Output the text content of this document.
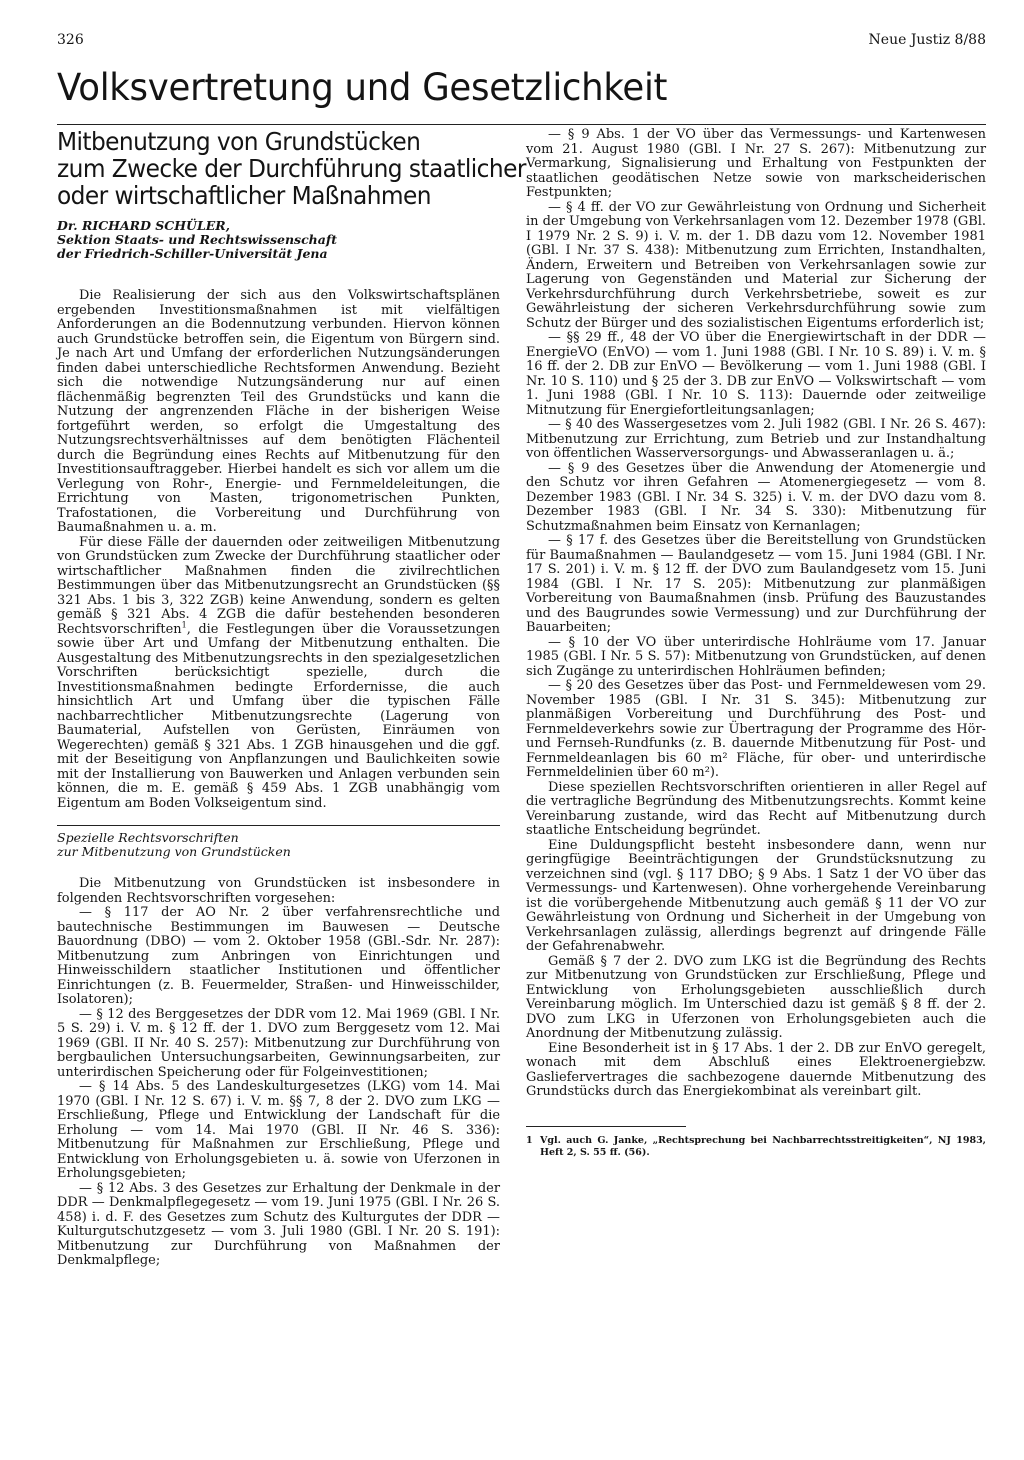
326	Neue Justiz 8/88
Volksvertretung und Gesetzlichkeit
Mitbenutzung von Grundstücken
zum Zwecke der Durchführung staatlicher
oder wirtschaftlicher Maßnahmen
Dr. RICHARD SCHÜLER,
Sektion Staats- und Rechtswissenschaft
der Friedrich-Schiller-Universität Jena

Die Realisierung der sich aus den Volkswirtschaftsplänen ergebenden Investitionsmaßnahmen ist mit vielfältigen Anforderungen an die Bodennutzung verbunden. Hiervon können auch Grundstücke betroffen sein, die Eigentum von Bürgern sind. Je nach Art und Umfang der erforderlichen Nutzungsänderungen finden dabei unterschiedliche Rechtsformen Anwendung. Bezieht sich die notwendige Nutzungsänderung nur auf einen flächenmäßig begrenzten Teil des Grundstücks und kann die Nutzung der angrenzenden Fläche in der bisherigen Weise fortgeführt werden, so erfolgt die Umgestaltung des Nutzungsrechtsverhältnisses auf dem benötigten Flächenteil durch die Begründung eines Rechts auf Mitbenutzung für den Investitionsauftraggeber. Hierbei handelt es sich vor allem um die Verlegung von Rohr-, Energie- und Fernmeldeleitungen, die Errichtung von Masten, trigonometrischen Punkten, Trafostationen, die Vorbereitung und Durchführung von Baumaßnahmen u. a. m.

Für diese Fälle der dauernden oder zeitweiligen Mitbenutzung von Grundstücken zum Zwecke der Durchführung staatlicher oder wirtschaftlicher Maßnahmen finden die zivilrechtlichen Bestimmungen über das Mitbenutzungsrecht an Grundstücken (§§ 321 Abs. 1 bis 3, 322 ZGB) keine Anwendung, sondern es gelten gemäß § 321 Abs. 4 ZGB die dafür bestehenden besonderen Rechtsvorschriften$^1$, die Festlegungen über die Voraussetzungen sowie über Art und Umfang der Mitbenutzung enthalten. Die Ausgestaltung des Mitbenutzungsrechts in den spezialgesetzlichen Vorschriften berücksichtigt spezielle, durch die Investitionsmaßnahmen bedingte Erfordernisse, die auch hinsichtlich Art und Umfang über die typischen Fälle nachbarrechtlicher Mitbenutzungsrechte (Lagerung von Baumaterial, Aufstellen von Gerüsten, Einräumen von Wegerechten) gemäß § 321 Abs. 1 ZGB hinausgehen und die ggf. mit der Beseitigung von Anpflanzungen und Baulichkeiten sowie mit der Installierung von Bauwerken und Anlagen verbunden sein können, die m. E. gemäß § 459 Abs. 1 ZGB unabhängig vom Eigentum am Boden Volkseigentum sind.

Spezielle Rechtsvorschriften
zur Mitbenutzung von Grundstücken

Die Mitbenutzung von Grundstücken ist insbesondere in folgenden Rechtsvorschriften vorgesehen:

— § 117 der AO Nr. 2 über verfahrensrechtliche und bautechnische Bestimmungen im Bauwesen — Deutsche Bauordnung (DBO) — vom 2. Oktober 1958 (GBl.-Sdr. Nr. 287): Mitbenutzung zum Anbringen von Einrichtungen und Hinweisschildern staatlicher Institutionen und öffentlicher Einrichtungen (z. B. Feuermelder, Straßen- und Hinweisschilder, Isolatoren);

— § 12 des Berggesetzes der DDR vom 12. Mai 1969 (GBl. I Nr. 5 S. 29) i. V. m. § 12 ff. der 1. DVO zum Berggesetz vom 12. Mai 1969 (GBl. II Nr. 40 S. 257): Mitbenutzung zur Durchführung von bergbaulichen Untersuchungsarbeiten, Gewinnungsarbeiten, zur unterirdischen Speicherung oder für Folgeinvestitionen;

— § 14 Abs. 5 des Landeskulturgesetzes (LKG) vom 14. Mai 1970 (GBl. I Nr. 12 S. 67) i. V. m. §§ 7, 8 der 2. DVO zum LKG — Erschließung, Pflege und Entwicklung der Landschaft für die Erholung — vom 14. Mai 1970 (GBl. II Nr. 46 S. 336): Mitbenutzung für Maßnahmen zur Erschließung, Pflege und Entwicklung von Erholungsgebieten u. ä. sowie von Uferzonen in Erholungsgebieten;

— § 12 Abs. 3 des Gesetzes zur Erhaltung der Denkmale in der DDR — Denkmalpflegegesetz — vom 19. Juni 1975 (GBl. I Nr. 26 S. 458) i. d. F. des Gesetzes zum Schutz des Kulturgutes der DDR — Kulturgutschutzgesetz — vom 3. Juli 1980 (GBl. I Nr. 20 S. 191): Mitbenutzung zur Durchführung von Maßnahmen der Denkmalpflege;

— § 9 Abs. 1 der VO über das Vermessungs- und Kartenwesen vom 21. August 1980 (GBl. I Nr. 27 S. 267): Mitbenutzung zur Vermarkung, Signalisierung und Erhaltung von Festpunkten der staatlichen geodätischen Netze sowie von markscheiderischen Festpunkten;

— § 4 ff. der VO zur Gewährleistung von Ordnung und Sicherheit in der Umgebung von Verkehrsanlagen vom 12. Dezember 1978 (GBl. I 1979 Nr. 2 S. 9) i. V. m. der 1. DB dazu vom 12. November 1981 (GBl. I Nr. 37 S. 438): Mitbenutzung zum Errichten, Instandhalten, Ändern, Erweitern und Betreiben von Verkehrsanlagen sowie zur Lagerung von Gegenständen und Material zur Sicherung der Verkehrsdurchführung durch Verkehrsbetriebe, soweit es zur Gewährleistung der sicheren Verkehrsdurchführung sowie zum Schutz der Bürger und des sozialistischen Eigentums erforderlich ist;

— §§ 29 ff., 48 der VO über die Energiewirtschaft in der DDR — EnergieVO (EnVO) — vom 1. Juni 1988 (GBl. I Nr. 10 S. 89) i. V. m. § 16 ff. der 2. DB zur EnVO — Bevölkerung — vom 1. Juni 1988 (GBl. I Nr. 10 S. 110) und § 25 der 3. DB zur EnVO — Volkswirtschaft — vom 1. Juni 1988 (GBl. I Nr. 10 S. 113): Dauernde oder zeitweilige Mitnutzung für Energiefortleitungsanlagen;

— § 40 des Wassergesetzes vom 2. Juli 1982 (GBl. I Nr. 26 S. 467): Mitbenutzung zur Errichtung, zum Betrieb und zur Instandhaltung von öffentlichen Wasserversorgungs- und Abwasseranlagen u. ä.;

— § 9 des Gesetzes über die Anwendung der Atomenergie und den Schutz vor ihren Gefahren — Atomenergiegesetz — vom 8. Dezember 1983 (GBl. I Nr. 34 S. 325) i. V. m. der DVO dazu vom 8. Dezember 1983 (GBl. I Nr. 34 S. 330): Mitbenutzung für Schutzmaßnahmen beim Einsatz von Kernanlagen;

— § 17 f. des Gesetzes über die Bereitstellung von Grundstücken für Baumaßnahmen — Baulandgesetz — vom 15. Juni 1984 (GBl. I Nr. 17 S. 201) i. V. m. § 12 ff. der DVO zum Baulandgesetz vom 15. Juni 1984 (GBl. I Nr. 17 S. 205): Mitbenutzung zur planmäßigen Vorbereitung von Baumaßnahmen (insb. Prüfung des Bauzustandes und des Baugrundes sowie Vermessung) und zur Durchführung der Bauarbeiten;

— § 10 der VO über unterirdische Hohlräume vom 17. Januar 1985 (GBl. I Nr. 5 S. 57): Mitbenutzung von Grundstücken, auf denen sich Zugänge zu unterirdischen Hohlräumen befinden;

— § 20 des Gesetzes über das Post- und Fernmeldewesen vom 29. November 1985 (GBl. I Nr. 31 S. 345): Mitbenutzung zur planmäßigen Vorbereitung und Durchführung des Post- und Fernmeldeverkehrs sowie zur Übertragung der Programme des Hör- und Fernseh-Rundfunks (z. B. dauernde Mitbenutzung für Post- und Fernmeldeanlagen bis 60 m² Fläche, für ober- und unterirdische Fernmeldelinien über 60 m²).

Diese speziellen Rechtsvorschriften orientieren in aller Regel auf die vertragliche Begründung des Mitbenutzungsrechts. Kommt keine Vereinbarung zustande, wird das Recht auf Mitbenutzung durch staatliche Entscheidung begründet.

Eine Duldungspflicht besteht insbesondere dann, wenn nur geringfügige Beeinträchtigungen der Grundstücksnutzung zu verzeichnen sind (vgl. § 117 DBO; § 9 Abs. 1 Satz 1 der VO über das Vermessungs- und Kartenwesen). Ohne vorhergehende Vereinbarung ist die vorübergehende Mitbenutzung auch gemäß § 11 der VO zur Gewährleistung von Ordnung und Sicherheit in der Umgebung von Verkehrsanlagen zulässig, allerdings begrenzt auf dringende Fälle der Gefahrenabwehr.

Gemäß § 7 der 2. DVO zum LKG ist die Begründung des Rechts zur Mitbenutzung von Grundstücken zur Erschließung, Pflege und Entwicklung von Erholungsgebieten ausschließlich durch Vereinbarung möglich. Im Unterschied dazu ist gemäß § 8 ff. der 2. DVO zum LKG in Uferzonen von Erholungsgebieten auch die Anordnung der Mitbenutzung zulässig.

Eine Besonderheit ist in § 17 Abs. 1 der 2. DB zur EnVO geregelt, wonach mit dem Abschluß eines Elektroenergiebzw. Gasliefervertrages die sachbezogene dauernde Mitbenutzung des Grundstücks durch das Energiekombinat als vereinbart gilt.

1 Vgl. auch G. Janke, „Rechtsprechung bei Nachbarrechtsstreitigkeiten“, NJ 1983, Heft 2, S. 55 ff. (56).
